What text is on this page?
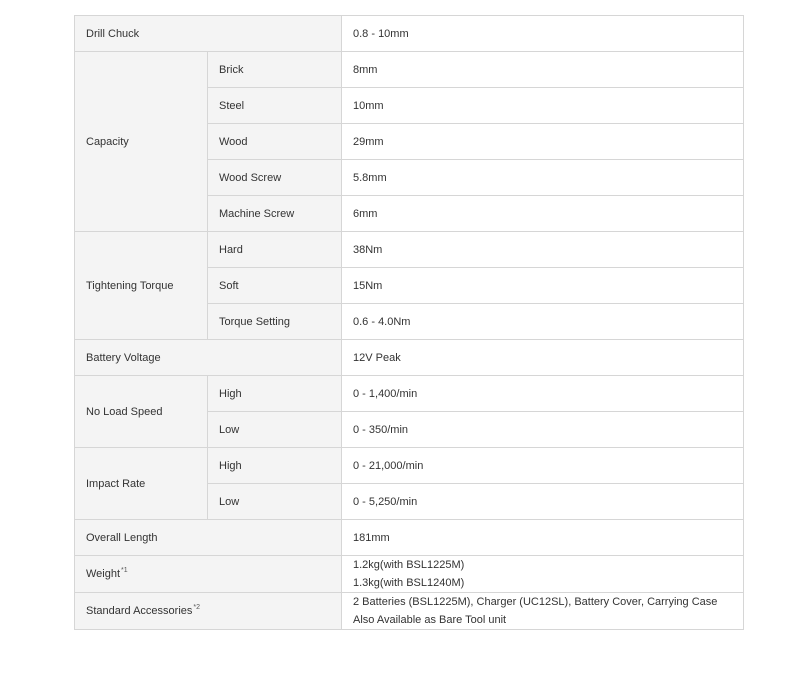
Drill Chuck		0.8 - 10mm
Capacity	Brick	8mm
	Steel	10mm
	Wood	29mm
	Wood Screw	5.8mm
	Machine Screw	6mm
Tightening Torque	Hard	38Nm
	Soft	15Nm
	Torque Setting	0.6 - 4.0Nm
Battery Voltage		12V Peak
No Load Speed	High	0 - 1,400/min
	Low	0 - 350/min
Impact Rate	High	0 - 21,000/min
	Low	0 - 5,250/min
Overall Length		181mm
Weight$^{*1}$		1.2kg(with BSL1225M)
1.3kg(with BSL1240M)

Standard Accessories$^{*2}$		2 Batteries (BSL1225M), Charger (UC12SL), Battery Cover, Carrying Case
Also Available as Bare Tool unit
